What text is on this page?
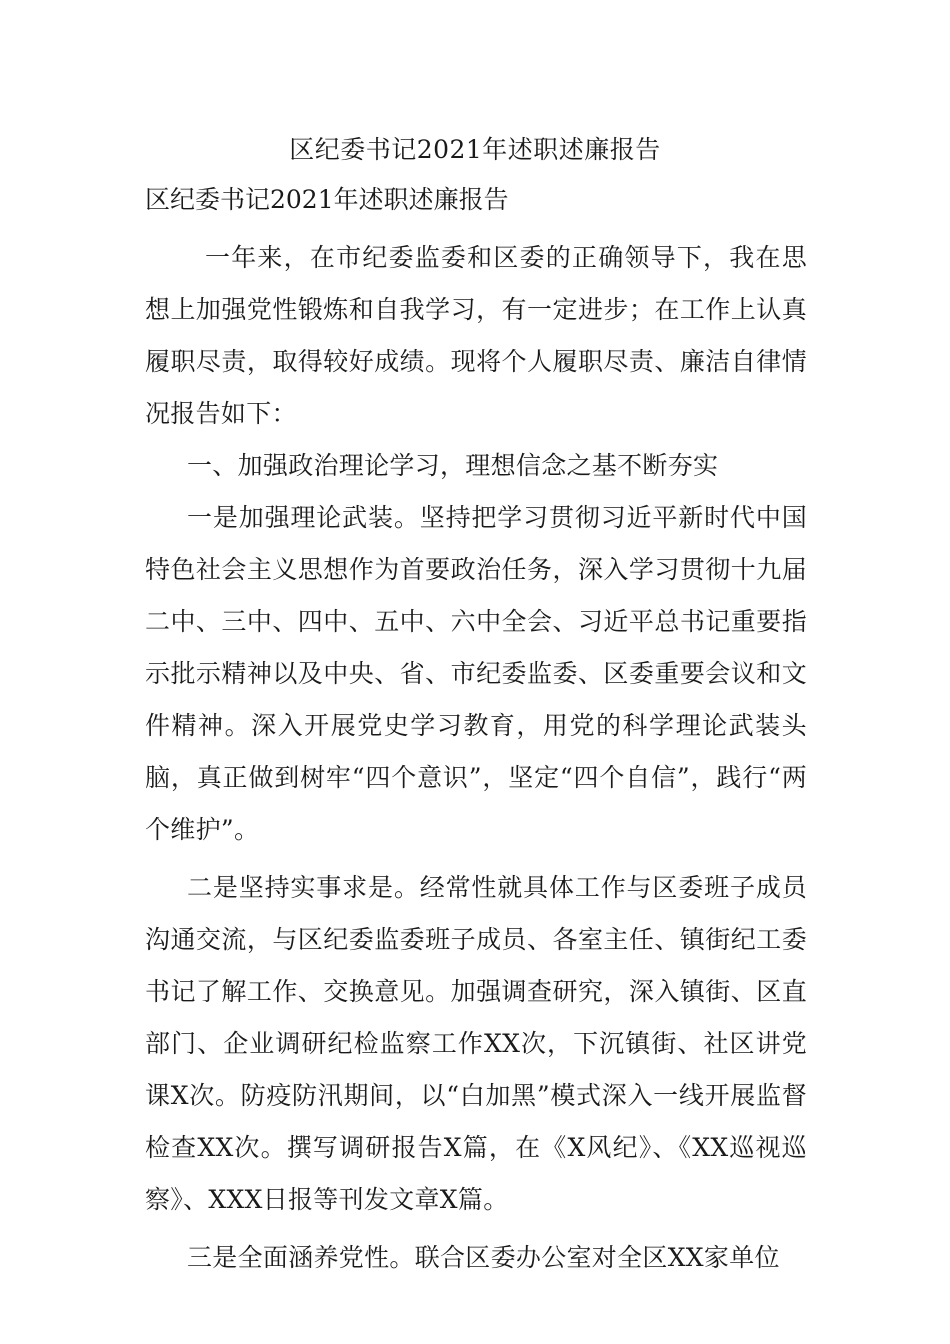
区纪委书记2021年述职述廉报告
区纪委书记2021年述职述廉报告

一年来，在市纪委监委和区委的正确领导下，我在思想上加强党性锻炼和自我学习，有一定进步；在工作上认真履职尽责，取得较好成绩。现将个人履职尽责、廉洁自律情况报告如下：

一、加强政治理论学习，理想信念之基不断夯实

一是加强理论武装。坚持把学习贯彻习近平新时代中国特色社会主义思想作为首要政治任务，深入学习贯彻十九届二中、三中、四中、五中、六中全会、习近平总书记重要指示批示精神以及中央、省、市纪委监委、区委重要会议和文件精神。深入开展党史学习教育，用党的科学理论武装头脑，真正做到树牢“四个意识”，坚定“四个自信”，践行“两个维护”。

二是坚持实事求是。经常性就具体工作与区委班子成员沟通交流，与区纪委监委班子成员、各室主任、镇街纪工委书记了解工作、交换意见。加强调查研究，深入镇街、区直部门、企业调研纪检监察工作XX次，下沉镇街、社区讲党课X次。防疫防汛期间，以“白加黑”模式深入一线开展监督检查XX次。撰写调研报告X篇，在《X风纪》、《XX巡视巡察》、XXX日报等刊发文章X篇。

三是全面涵养党性。联合区委办公室对全区XX家单位
